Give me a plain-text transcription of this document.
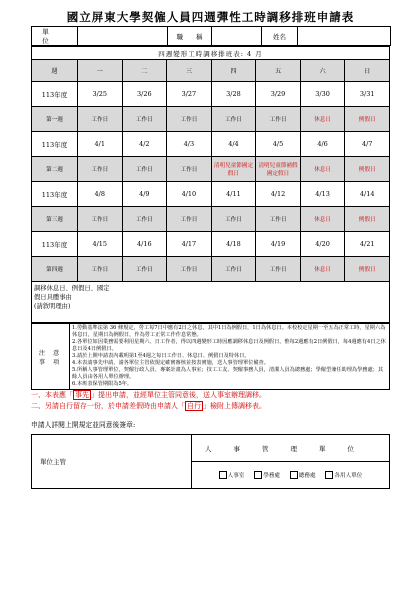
國立屏東大學契僱人員四週彈性工時調移排班申請表
單　　位		職　　稱		姓名	
四週變形工時調移排班表: 4 月							
週	一	二	三	四	五	六	日
113年度	3/25	3/26	3/27	3/28	3/29	3/30	3/31
第一週	工作日	工作日	工作日	工作日	工作日	休息日	例假日
113年度	4/1	4/2	4/3	4/4	4/5	4/6	4/7
第二週	工作日	工作日	工作日	清明兒童節國定假日	清明兒童節補假國定假日	休息日	例假日
113年度	4/8	4/9	4/10	4/11	4/12	4/13	4/14
第三週	工作日	工作日	工作日	工作日	工作日	休息日	例假日
113年度	4/15	4/16	4/17	4/18	4/19	4/20	4/21
第四週	工作日	工作日	工作日	工作日	工作日	休息日	例假日

調移休息日、例假日、國定
假日具體事由
(請敘明理由)							
注 意 事 項	
1.勞動基準法第 36 條規定，勞工每7日中應有2日之休息，其中1日為例假日，1日為休息日。本校校定星期一至五為正常工時，星期六為休息日，星期日為例假日，作為勞工正常工作作息常態。
2.各單位如因業務需要利用星期六、日工作者，得以四週變形工時因應調移休息日及例假日，惟每2週應有2日例假日，每4週應有4日之休息日及4日例假日。
3.請於上開申請表內載明第1至4週之每日工作日、休息日、例假日及特休日。
4.本表請事先申請，請各單位主管依規定確實審核並按表實施，送人事管理單位備查。
5.所稱人事管理單位，契僱行政人員、專案計畫為人事室；技工工友、契僱事務人員，清潔人員為總務處；學僱型兼任助理為學務處；其餘人員由各用人單位辦理。
6.本班表保管期限為5年。
一、本表應「 事先 」提出申請，並經單位主管同意後，送人事室辦理調移。
二、另請自行留存一份，於申請差假時由申請人「 自行 」檢附上傳調移表。
申請人詳閱上開規定並同意後簽章:
單位主管	人事管理單位
人事室	學務處	總務處	各用人單位
